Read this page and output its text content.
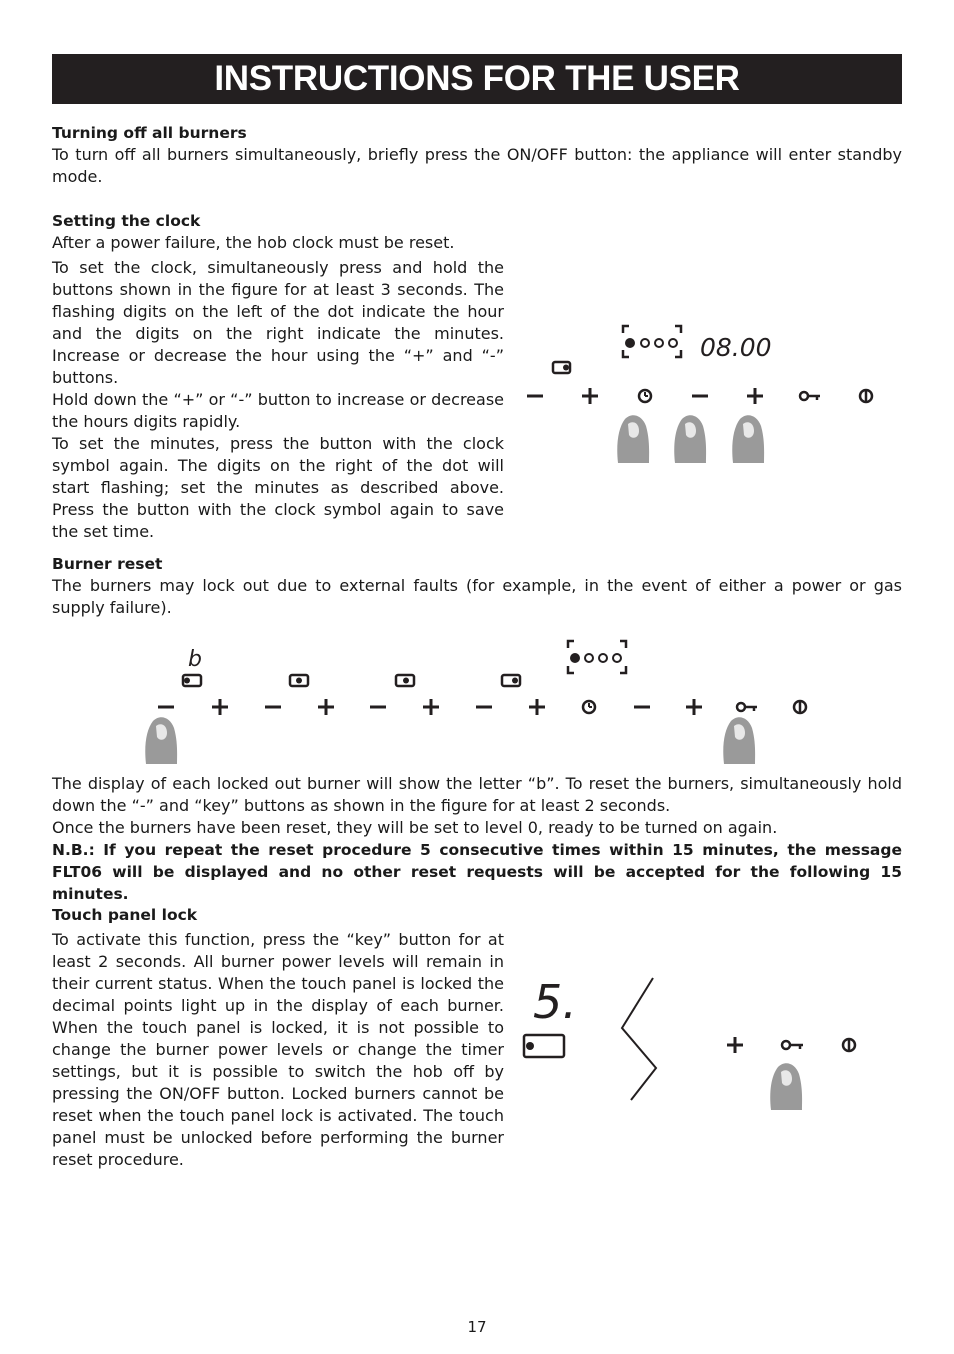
INSTRUCTIONS FOR THE USER
Turning off all burners

To turn off all burners simultaneously, briefly press the ON/OFF button: the appliance will enter standby mode.

Setting the clock

After a power failure, the hob clock must be reset.

To set the clock, simultaneously press and hold the buttons shown in the figure for at least 3 seconds. The flashing digits on the left of the dot indicate the hour and the digits on the right indicate the minutes. Increase or decrease the hour using the “+” and “-” buttons.

Hold down the “+” or “-” button to increase or decrease the hours digits rapidly.

To set the minutes, press the button with the clock symbol again. The digits on the right of the dot will start flashing; set the minutes as described above. Press the button with the clock symbol again to save the set time.

08.00
Burner reset

The burners may lock out due to external faults (for example, in the event of either a power or gas supply failure).

b

The display of each locked out burner will show the letter “b”. To reset the burners, simultaneously hold down the “-” and “key” buttons as shown in the figure for at least 2 seconds.

Once the burners have been reset, they will be set to level 0, ready to be turned on again.

N.B.: If you repeat the reset procedure 5 consecutive times within 15 minutes, the message FLT06 will be displayed and no other reset requests will be accepted for the following 15 minutes.

Touch panel lock

To activate this function, press the “key” button for at least 2 seconds. All burner power levels will remain in their current status. When the touch panel is locked the decimal points light up in the display of each burner. When the touch panel is locked, it is not possible to change the burner power levels or change the timer settings, but it is possible to switch the hob off by pressing the ON/OFF button. Locked burners cannot be reset when the touch panel lock is activated. The touch panel must be unlocked before performing the burner reset procedure.

5.
17
